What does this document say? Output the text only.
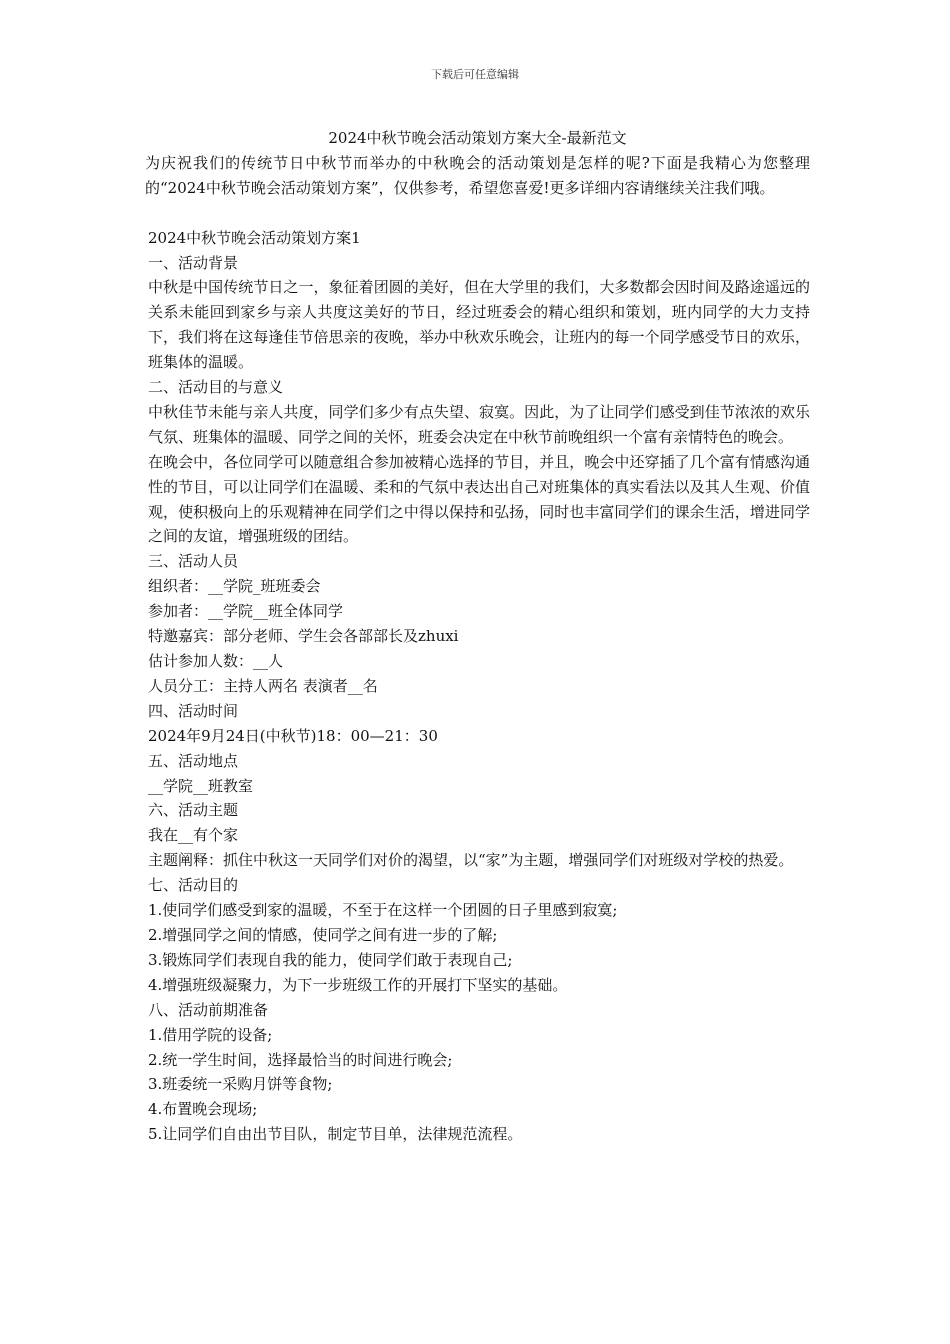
下载后可任意编辑
2024中秋节晚会活动策划方案大全-最新范文

为庆祝我们的传统节日中秋节而举办的中秋晚会的活动策划是怎样的呢?下面是我精心为您整理的“2024中秋节晚会活动策划方案”，仅供参考，希望您喜爱!更多详细内容请继续关注我们哦。

2024中秋节晚会活动策划方案1

一、活动背景

中秋是中国传统节日之一，象征着团圆的美好，但在大学里的我们，大多数都会因时间及路途遥远的关系未能回到家乡与亲人共度这美好的节日，经过班委会的精心组织和策划，班内同学的大力支持下，我们将在这每逢佳节倍思亲的夜晚，举办中秋欢乐晚会，让班内的每一个同学感受节日的欢乐，班集体的温暖。

二、活动目的与意义

中秋佳节未能与亲人共度，同学们多少有点失望、寂寞。因此，为了让同学们感受到佳节浓浓的欢乐气氛、班集体的温暖、同学之间的关怀，班委会决定在中秋节前晚组织一个富有亲情特色的晚会。

在晚会中，各位同学可以随意组合参加被精心选择的节目，并且，晚会中还穿插了几个富有情感沟通性的节目，可以让同学们在温暖、柔和的气氛中表达出自己对班集体的真实看法以及其人生观、价值观，使积极向上的乐观精神在同学们之中得以保持和弘扬，同时也丰富同学们的课余生活，增进同学之间的友谊，增强班级的团结。

三、活动人员

组织者：__学院_班班委会

参加者：__学院__班全体同学

特邀嘉宾：部分老师、学生会各部部长及zhuxi

估计参加人数：__人

人员分工：主持人两名 表演者__名

四、活动时间

2024年9月24日(中秋节)18：00—21：30

五、活动地点

__学院__班教室

六、活动主题

我在__有个家

主题阐释：抓住中秋这一天同学们对价的渴望，以“家”为主题，增强同学们对班级对学校的热爱。

七、活动目的

1.使同学们感受到家的温暖，不至于在这样一个团圆的日子里感到寂寞;

2.增强同学之间的情感，使同学之间有进一步的了解;

3.锻炼同学们表现自我的能力，使同学们敢于表现自己;

4.增强班级凝聚力，为下一步班级工作的开展打下坚实的基础。

八、活动前期准备

1.借用学院的设备;

2.统一学生时间，选择最恰当的时间进行晚会;

3.班委统一采购月饼等食物;

4.布置晚会现场;

5.让同学们自由出节目队，制定节目单，法律规范流程。
